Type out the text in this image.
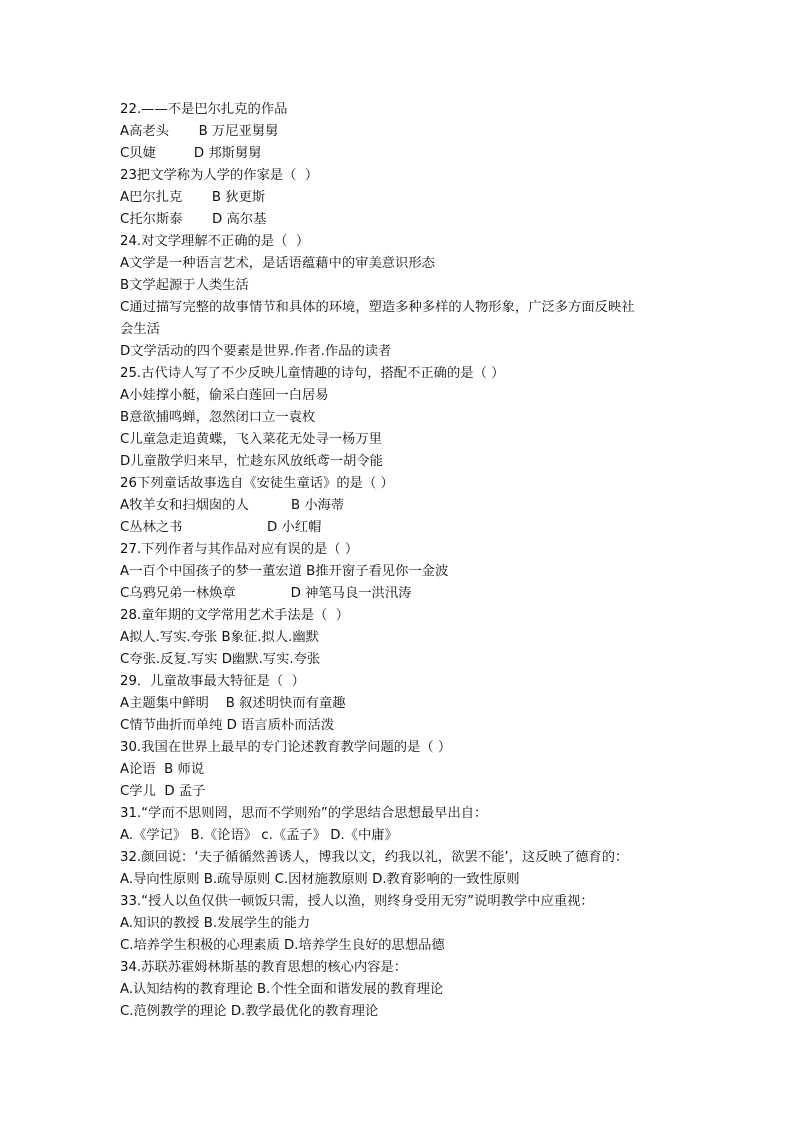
22.——不是巴尔扎克的作品
A高老头       B 万尼亚舅舅
C贝婕         D 邦斯舅舅
23把文学称为人学的作家是（  ）
A巴尔扎克       B 狄更斯
C托尔斯泰       D 高尔基
24.对文学理解不正确的是（  ）
A文学是一种语言艺术，是话语蕴藉中的审美意识形态
B文学起源于人类生活
C通过描写完整的故事情节和具体的环境，塑造多种多样的人物形象，广泛多方面反映社
会生活
D文学活动的四个要素是世界.作者.作品的读者
25.古代诗人写了不少反映儿童情趣的诗句，搭配不正确的是（ ）
A小娃撑小艇，偷采白莲回一白居易
B意欲捕鸣蝉，忽然闭口立一袁枚
C儿童急走追黄蝶，飞入菜花无处寻一杨万里
D儿童散学归来早，忙趁东风放纸鸢一胡令能
26下列童话故事选自《安徒生童话》的是（ ）
A牧羊女和扫烟囱的人          B 小海蒂
C丛林之书                    D 小红帽
27.下列作者与其作品对应有误的是（ ）
A一百个中国孩子的梦一董宏道 B推开窗子看见你一金波
C乌鸦兄弟一林焕章             D 神笔马良一洪汛涛
28.童年期的文学常用艺术手法是（  ）
A拟人.写实.夸张 B象征.拟人.幽默
C夸张.反复.写实 D幽默.写实.夸张
29．儿童故事最大特征是（  ）
A主题集中鲜明    B 叙述明快而有童趣
C情节曲折而单纯 D 语言质朴而活泼
30.我国在世界上最早的专门论述教育教学问题的是（ ）
A论语  B 师说
C学儿  D 孟子
31.“学而不思则罔，思而不学则殆”的学思结合思想最早出自：
A.《学记》 B.《论语》 c.《孟子》 D.《中庸》
32.颜回说：‘夫子循循然善诱人，博我以文，约我以礼，欲罢不能’，这反映了德育的：
A.导向性原则 B.疏导原则 C.因材施教原则 D.教育影响的一致性原则
33.“授人以鱼仅供一顿饭只需，授人以渔，则终身受用无穷”说明教学中应重视：
A.知识的教授 B.发展学生的能力
C.培养学生积极的心理素质 D.培养学生良好的思想品德
34.苏联苏霍姆林斯基的教育思想的核心内容是：
A.认知结构的教育理论 B.个性全面和谐发展的教育理论
C.范例教学的理论 D.教学最优化的教育理论
